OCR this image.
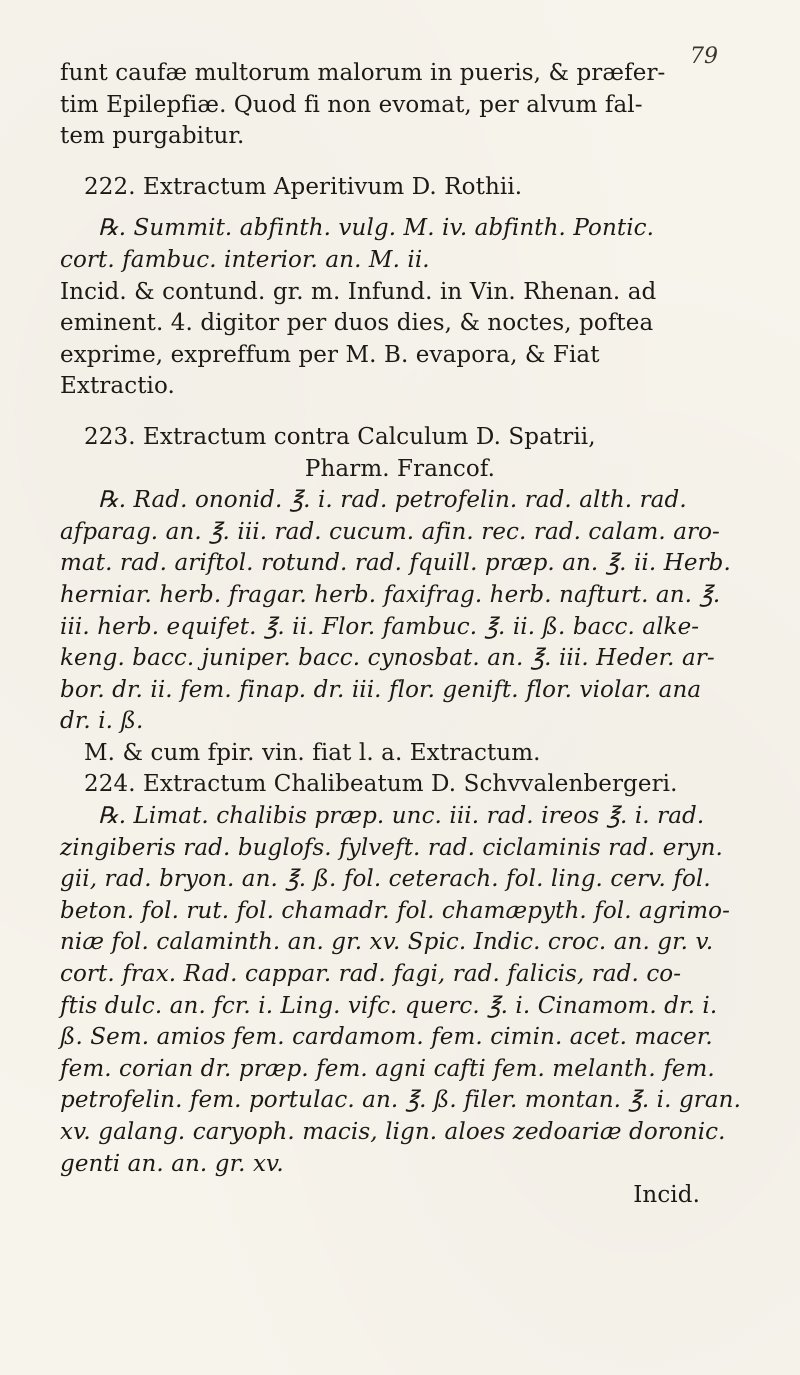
79

funt caufæ multorum malorum in pueris, & præfer-
tim Epilepfiæ. Quod fi non evomat, per alvum fal-
tem purgabitur.

222. Extractum Aperitivum D. Rothii.
℞. Summit. abfinth. vulg. M. iv. abfinth. Pontic.
cort. fambuc. interior. an. M. ii.
Incid. & contund. gr. m. Infund. in Vin. Rhenan. ad
eminent. 4. digitor per duos dies, & noctes, poftea
exprime, expreffum per M. B. evapora, & Fiat
Extractio.

223. Extractum contra Calculum D. Spatrii,
Pharm. Francof.
℞. Rad. ononid. ℥. i. rad. petrofelin. rad. alth. rad.
afparag. an. ℥. iii. rad. cucum. afin. rec. rad. calam. aro-
mat. rad. ariftol. rotund. rad. fquill. præp. an. ℥. ii. Herb.
herniar. herb. fragar. herb. faxifrag. herb. nafturt. an. ℥.
iii. herb. equifet. ℥. ii. Flor. fambuc. ℥. ii. ß. bacc. alke-
keng. bacc. juniper. bacc. cynosbat. an. ℥. iii. Heder. ar-
bor. dr. ii. fem. finap. dr. iii. flor. genift. flor. violar. ana
dr. i. ß.
M. & cum fpir. vin. fiat l. a. Extractum.

224. Extractum Chalibeatum D. Schvvalenbergeri.
℞. Limat. chalibis præp. unc. iii. rad. ireos ℥. i. rad.
zingiberis rad. buglofs. fylveft. rad. ciclaminis rad. eryn.
gii, rad. bryon. an. ℥. ß. fol. ceterach. fol. ling. cerv. fol.
beton. fol. rut. fol. chamadr. fol. chamæpyth. fol. agrimo-
niæ fol. calaminth. an. gr. xv. Spic. Indic. croc. an. gr. v.
cort. frax. Rad. cappar. rad. fagi, rad. falicis, rad. co-
ftis dulc. an. fcr. i. Ling. vifc. querc. ℥. i. Cinamom. dr. i.
ß. Sem. amios fem. cardamom. fem. cimin. acet. macer.
fem. corian dr. præp. fem. agni cafti fem. melanth. fem.
petrofelin. fem. portulac. an. ℥. ß. filer. montan. ℥. i. gran.
xv. galang. caryoph. macis, lign. aloes zedoariæ doronic.
genti an. an. gr. xv.

Incid.
